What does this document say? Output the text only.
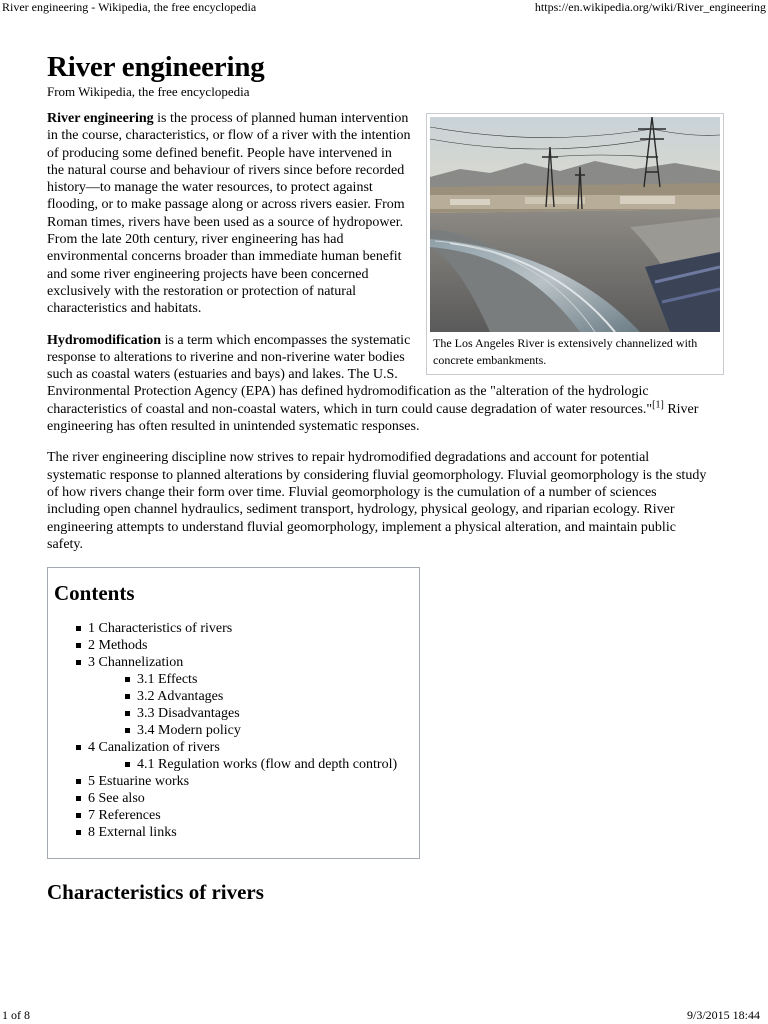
River engineering - Wikipedia, the free encyclopedia	https://en.wikipedia.org/wiki/River_engineering
River engineering
From Wikipedia, the free encyclopedia
The Los Angeles River is extensively channelized with concrete embankments.

River engineering is the process of planned human intervention in the course, characteristics, or flow of a river with the intention of producing some defined benefit. People have intervened in the natural course and behaviour of rivers since before recorded history—to manage the water resources, to protect against flooding, or to make passage along or across rivers easier. From Roman times, rivers have been used as a source of hydropower. From the late 20th century, river engineering has had environmental concerns broader than immediate human benefit and some river engineering projects have been concerned exclusively with the restoration or protection of natural characteristics and habitats.

Hydromodification is a term which encompasses the systematic response to alterations to riverine and non-riverine water bodies such as coastal waters (estuaries and bays) and lakes. The U.S. Environmental Protection Agency (EPA) has defined hydromodification as the "alteration of the hydrologic characteristics of coastal and non-coastal waters, which in turn could cause degradation of water resources."[1] River engineering has often resulted in unintended systematic responses.

The river engineering discipline now strives to repair hydromodified degradations and account for potential systematic response to planned alterations by considering fluvial geomorphology. Fluvial geomorphology is the study of how rivers change their form over time. Fluvial geomorphology is the cumulation of a number of sciences including open channel hydraulics, sediment transport, hydrology, physical geology, and riparian ecology. River engineering attempts to understand fluvial geomorphology, implement a physical alteration, and maintain public safety.

Contents
1 Characteristics of rivers
2 Methods
3 Channelization
3.1 Effects
3.2 Advantages
3.3 Disadvantages
3.4 Modern policy
4 Canalization of rivers
4.1 Regulation works (flow and depth control)
5 Estuarine works
6 See also
7 References
8 External links
Characteristics of rivers
1 of 8	9/3/2015 18:44
